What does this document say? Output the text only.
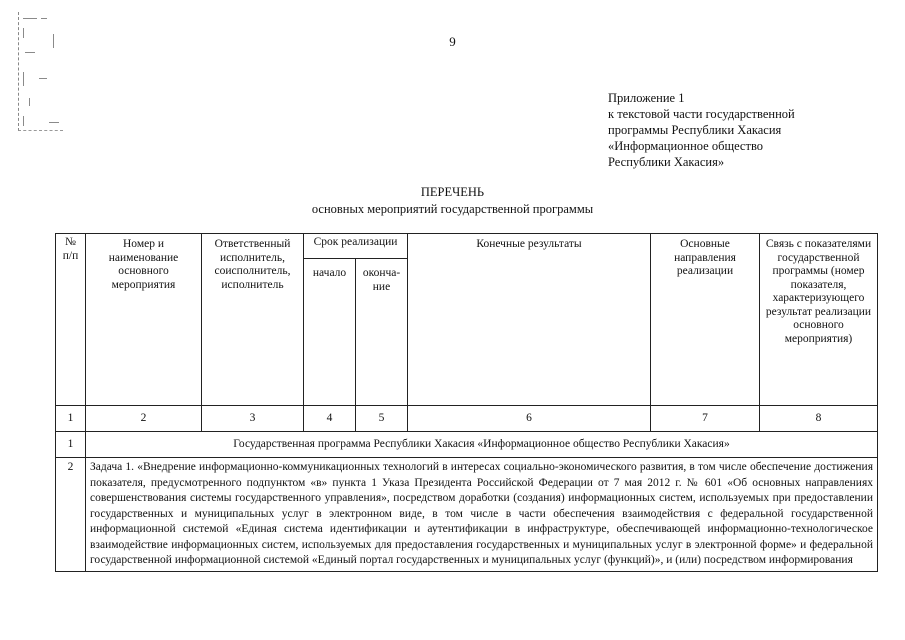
9
Приложение 1
к текстовой части государственной
программы Республики Хакасия
«Информационное общество
Республики Хакасия»
ПЕРЕЧЕНЬ
основных мероприятий государственной программы
№ п/п	Номер и наименование основного мероприятия	Ответственный исполнитель, соисполнитель, исполнитель	Срок реализации		Конечные результаты	Основные направления реализации	Связь с показателями государственной программы (номер показателя, характеризующего результат реализации основного мероприятия)
			начало	оконча-ние			
1	2	3	4	5	6	7	8
1	Государственная программа Республики Хакасия «Информационное общество Республики Хакасия»						
2	Задача 1. «Внедрение информационно-коммуникационных технологий в интересах социально-экономического развития, в том числе обеспечение достижения показателя, предусмотренного подпунктом «в» пункта 1 Указа Президента Российской Федерации от 7 мая 2012 г. № 601 «Об основных направлениях совершенствования системы государственного управления», посредством доработки (создания) информационных систем, используемых при предоставлении государственных и муниципальных услуг в электронном виде, в том числе в части обеспечения взаимодействия с федеральной государственной информационной системой «Единая система идентификации и аутентификации в инфраструктуре, обеспечивающей информационно-технологическое взаимодействие информационных систем, используемых для предоставления государственных и муниципальных услуг в электронной форме» и федеральной государственной информационной системой «Единый портал государственных и муниципальных услуг (функций)», и (или) посредством информирования						
